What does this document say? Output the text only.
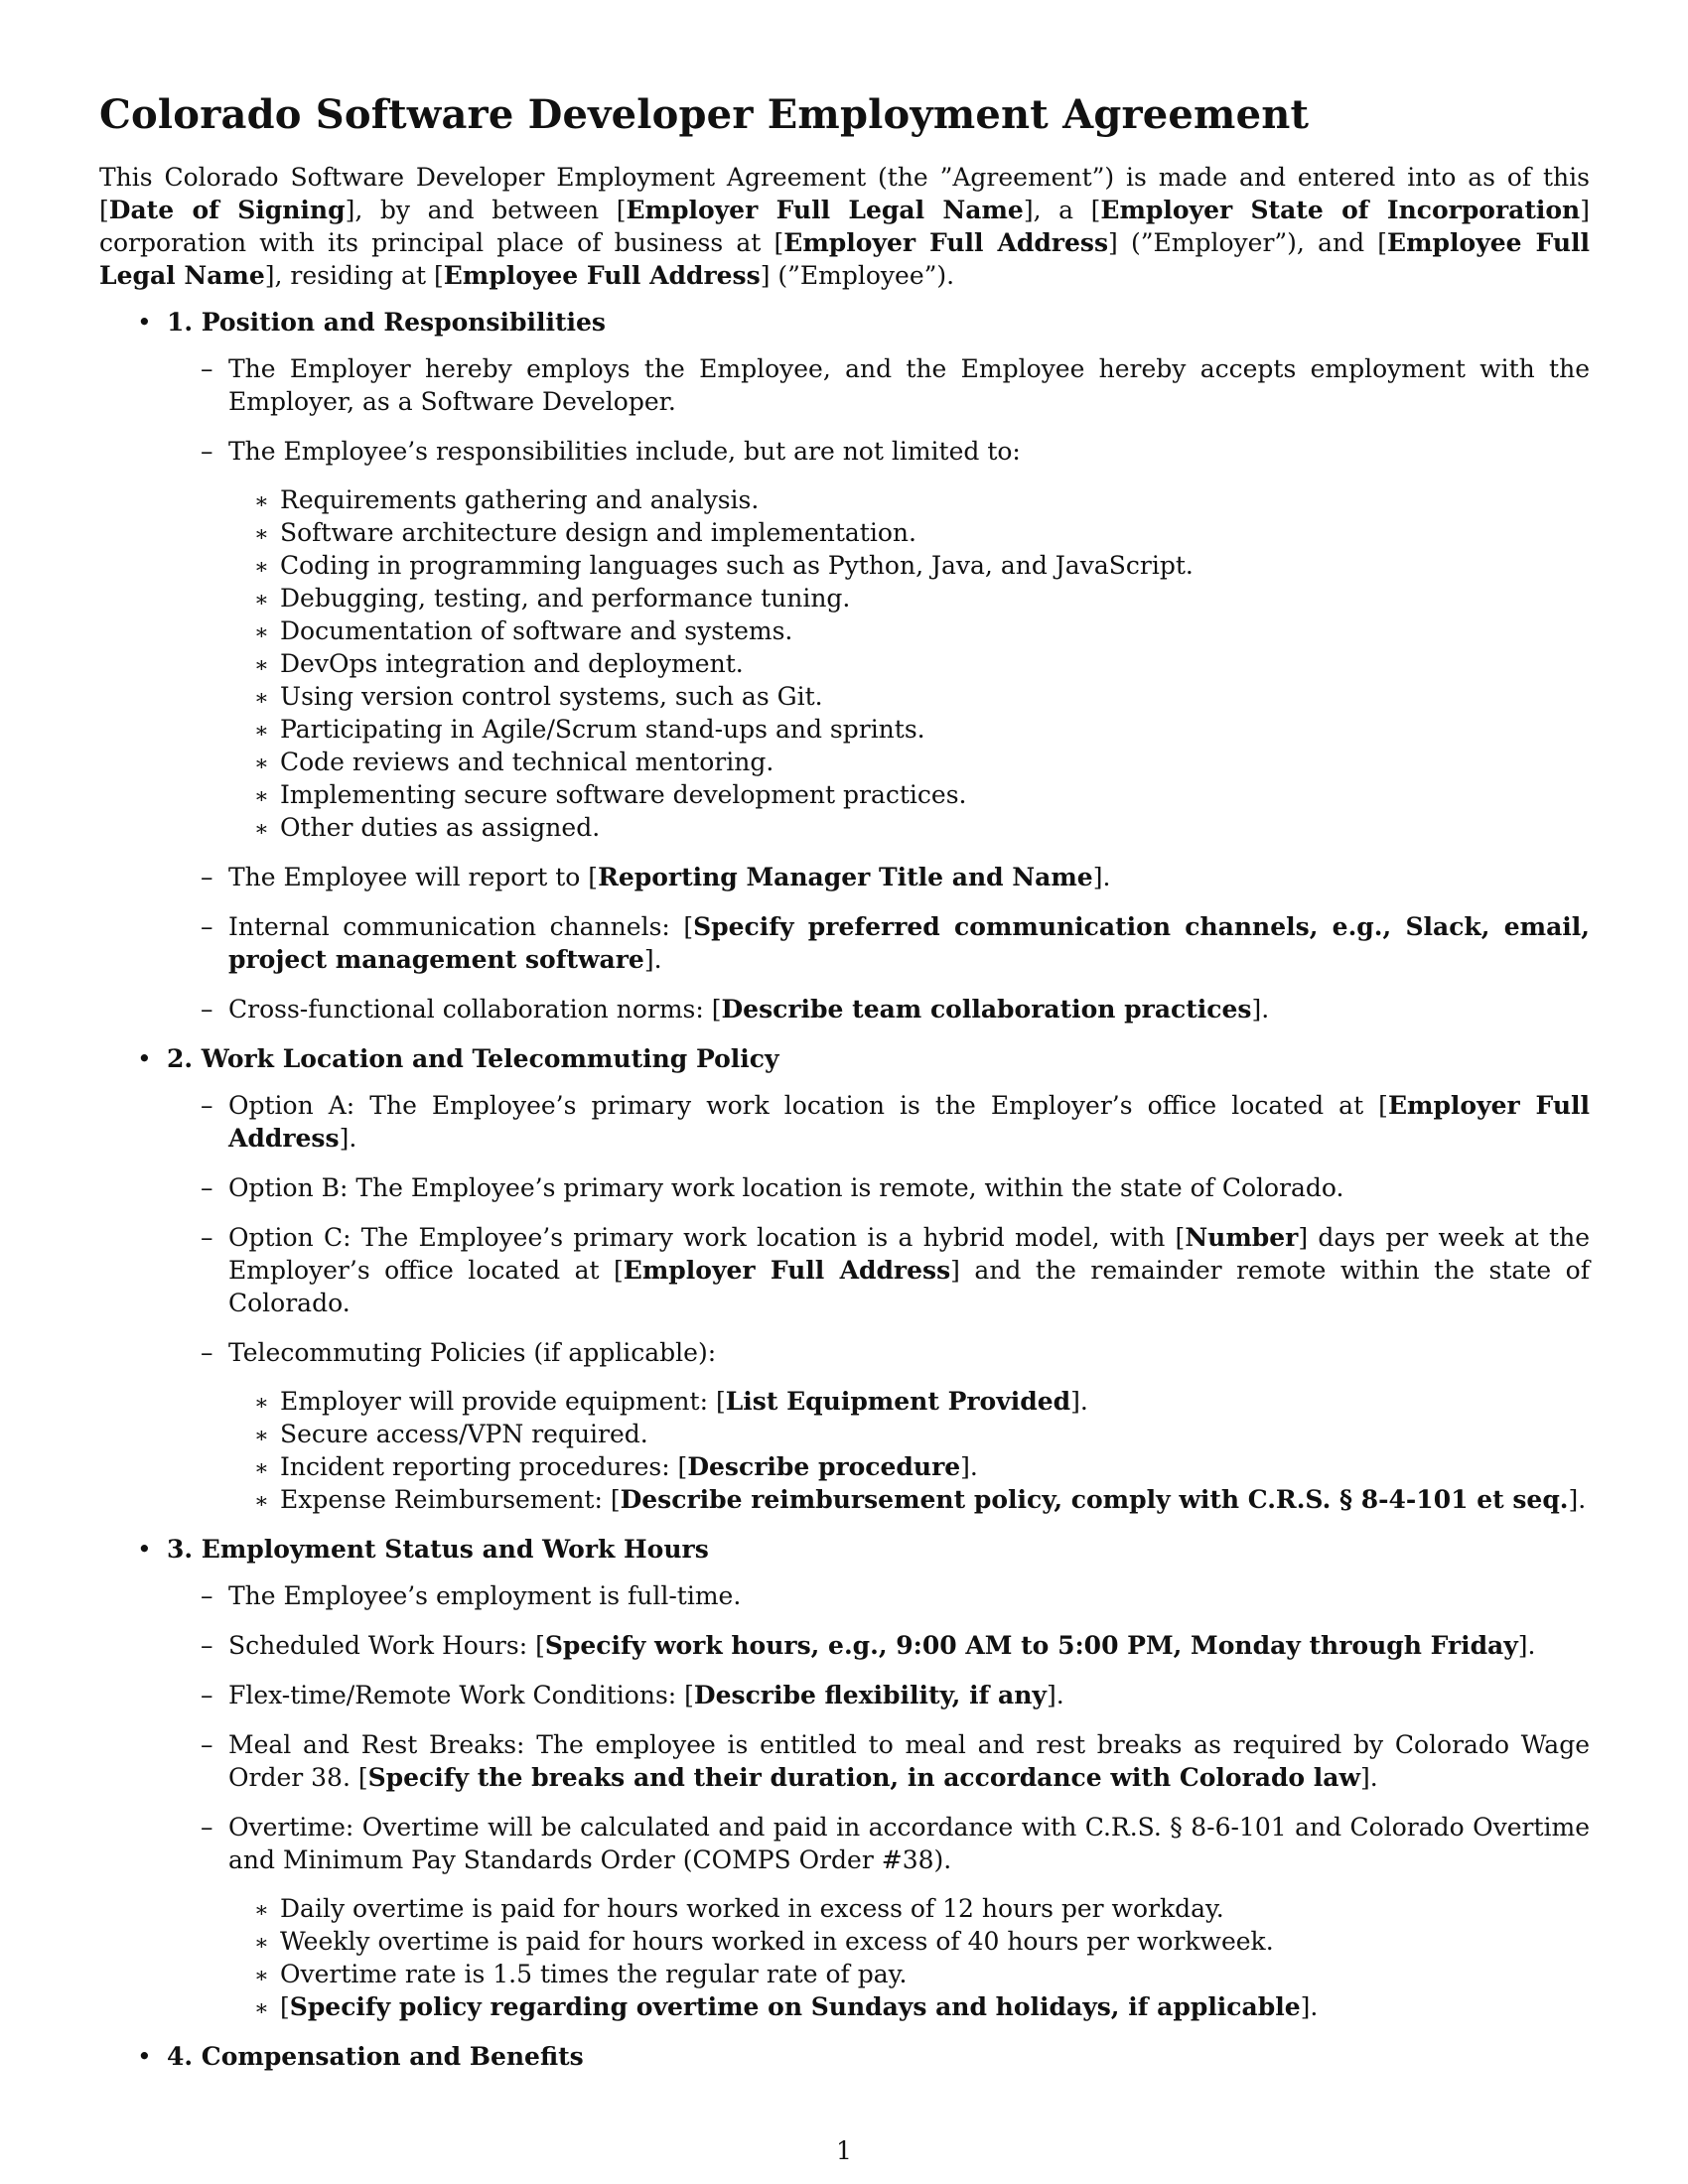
Colorado Software Developer Employment Agreement

This Colorado Software Developer Employment Agreement (the ”Agreement”) is made and entered into as of this [Date of Signing], by and between [Employer Full Legal Name], a [Employer State of Incorporation] corporation with its principal place of business at [Employer Full Address] (”Employer”), and [Employee Full Legal Name], residing at [Employee Full Address] (”Employee”).

• 1. Position and Responsibilities
– The Employer hereby employs the Employee, and the Employee hereby accepts employment with the Employer, as a Software Developer.
– The Employee’s responsibilities include, but are not limited to:
∗ Requirements gathering and analysis.
∗ Software architecture design and implementation.
∗ Coding in programming languages such as Python, Java, and JavaScript.
∗ Debugging, testing, and performance tuning.
∗ Documentation of software and systems.
∗ DevOps integration and deployment.
∗ Using version control systems, such as Git.
∗ Participating in Agile/Scrum stand-ups and sprints.
∗ Code reviews and technical mentoring.
∗ Implementing secure software development practices.
∗ Other duties as assigned.
– The Employee will report to [Reporting Manager Title and Name].
– Internal communication channels: [Specify preferred communication channels, e.g., Slack, email, project management software].
– Cross-functional collaboration norms: [Describe team collaboration practices].
• 2. Work Location and Telecommuting Policy
– Option A: The Employee’s primary work location is the Employer’s office located at [Employer Full Address].
– Option B: The Employee’s primary work location is remote, within the state of Colorado.
– Option C: The Employee’s primary work location is a hybrid model, with [Number] days per week at the Employer’s office located at [Employer Full Address] and the remainder remote within the state of Colorado.
– Telecommuting Policies (if applicable):
∗ Employer will provide equipment: [List Equipment Provided].
∗ Secure access/VPN required.
∗ Incident reporting procedures: [Describe procedure].
∗ Expense Reimbursement: [Describe reimbursement policy, comply with C.R.S. § 8-4-101 et seq.].
• 3. Employment Status and Work Hours
– The Employee’s employment is full-time.
– Scheduled Work Hours: [Specify work hours, e.g., 9:00 AM to 5:00 PM, Monday through Friday].
– Flex-time/Remote Work Conditions: [Describe flexibility, if any].
– Meal and Rest Breaks: The employee is entitled to meal and rest breaks as required by Colorado Wage Order 38. [Specify the breaks and their duration, in accordance with Colorado law].
– Overtime: Overtime will be calculated and paid in accordance with C.R.S. § 8-6-101 and Colorado Overtime and Minimum Pay Standards Order (COMPS Order #38).
∗ Daily overtime is paid for hours worked in excess of 12 hours per workday.
∗ Weekly overtime is paid for hours worked in excess of 40 hours per workweek.
∗ Overtime rate is 1.5 times the regular rate of pay.
∗ [Specify policy regarding overtime on Sundays and holidays, if applicable].
• 4. Compensation and Benefits
1
